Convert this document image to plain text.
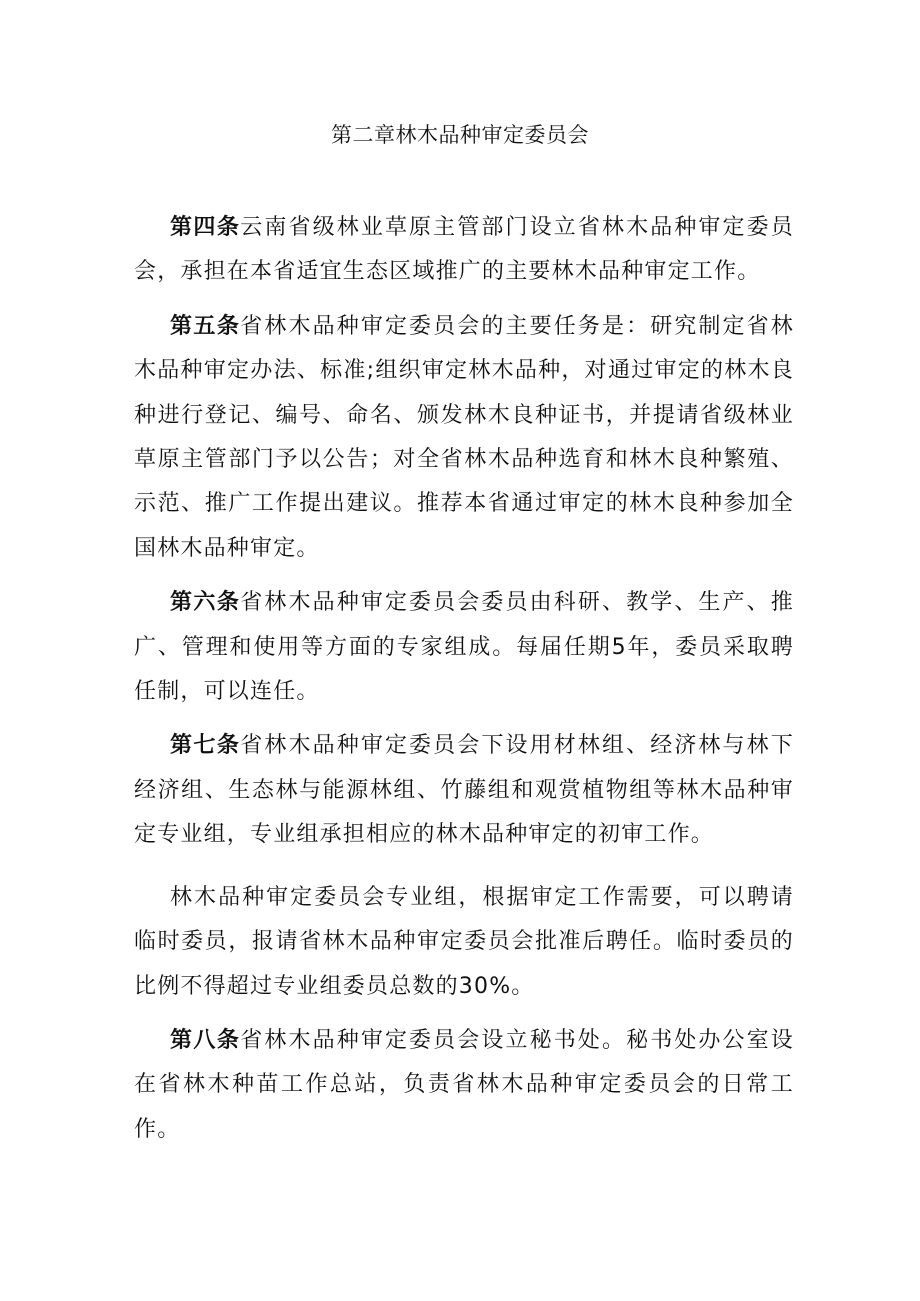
第二章林木品种审定委员会

第四条云南省级林业草原主管部门设立省林木品种审定委员会，承担在本省适宜生态区域推广的主要林木品种审定工作。

第五条省林木品种审定委员会的主要任务是：研究制定省林木品种审定办法、标准;组织审定林木品种，对通过审定的林木良种进行登记、编号、命名、颁发林木良种证书，并提请省级林业草原主管部门予以公告；对全省林木品种选育和林木良种繁殖、示范、推广工作提出建议。推荐本省通过审定的林木良种参加全国林木品种审定。

第六条省林木品种审定委员会委员由科研、教学、生产、推广、管理和使用等方面的专家组成。每届任期5年，委员采取聘任制，可以连任。

第七条省林木品种审定委员会下设用材林组、经济林与林下经济组、生态林与能源林组、竹藤组和观赏植物组等林木品种审定专业组，专业组承担相应的林木品种审定的初审工作。

林木品种审定委员会专业组，根据审定工作需要，可以聘请临时委员，报请省林木品种审定委员会批准后聘任。临时委员的比例不得超过专业组委员总数的30%。

第八条省林木品种审定委员会设立秘书处。秘书处办公室设在省林木种苗工作总站，负责省林木品种审定委员会的日常工作。
